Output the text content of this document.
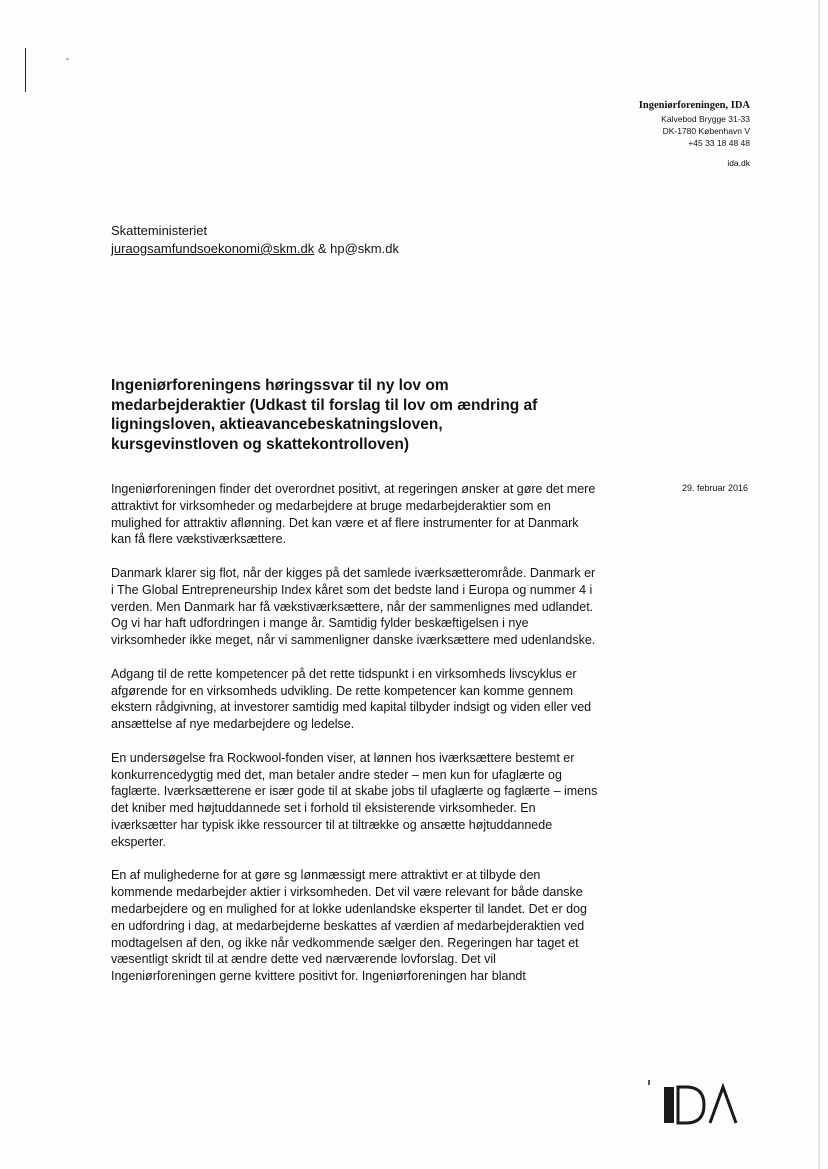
Ingeniørforeningen, IDA
Kalvebod Brygge 31-33
DK-1780 København V
+45 33 18 48 48
ida.dk
Skatteministeriet
juraogsamfundsoekonomi@skm.dk & hp@skm.dk
Ingeniørforeningens høringssvar til ny lov om medarbejderaktier (Udkast til forslag til lov om ændring af ligningsloven, aktieavancebeskatningsloven, kursgevinstloven og skattekontrolloven)
29. februar 2016

Ingeniørforeningen finder det overordnet positivt, at regeringen ønsker at gøre det mere attraktivt for virksomheder og medarbejdere at bruge medarbejderaktier som en mulighed for attraktiv aflønning. Det kan være et af flere instrumenter for at Danmark kan få flere vækstiværksættere.

Danmark klarer sig flot, når der kigges på det samlede iværksætterområde. Danmark er i The Global Entrepreneurship Index kåret som det bedste land i Europa og nummer 4 i verden. Men Danmark har få vækstiværksættere, når der sammenlignes med udlandet. Og vi har haft udfordringen i mange år. Samtidig fylder beskæftigelsen i nye virksomheder ikke meget, når vi sammenligner danske iværksættere med udenlandske.

Adgang til de rette kompetencer på det rette tidspunkt i en virksomheds livscyklus er afgørende for en virksomheds udvikling. De rette kompetencer kan komme gennem ekstern rådgivning, at investorer samtidig med kapital tilbyder indsigt og viden eller ved ansættelse af nye medarbejdere og ledelse.

En undersøgelse fra Rockwool-fonden viser, at lønnen hos iværksættere bestemt er konkurrencedygtig med det, man betaler andre steder – men kun for ufaglærte og faglærte. Iværksætterene er især gode til at skabe jobs til ufaglærte og faglærte – imens det kniber med højtuddannede set i forhold til eksisterende virksomheder. En iværksætter har typisk ikke ressourcer til at tiltrække og ansætte højtuddannede eksperter.

En af mulighederne for at gøre sg lønmæssigt mere attraktivt er at tilbyde den kommende medarbejder aktier i virksomheden. Det vil være relevant for både danske medarbejdere og en mulighed for at lokke udenlandske eksperter til landet. Det er dog en udfordring i dag, at medarbejderne beskattes af værdien af medarbejderaktien ved modtagelsen af den, og ikke når vedkommende sælger den. Regeringen har taget et væsentligt skridt til at ændre dette ved nærværende lovforslag. Det vil Ingeniørforeningen gerne kvittere positivt for. Ingeniørforeningen har blandt
